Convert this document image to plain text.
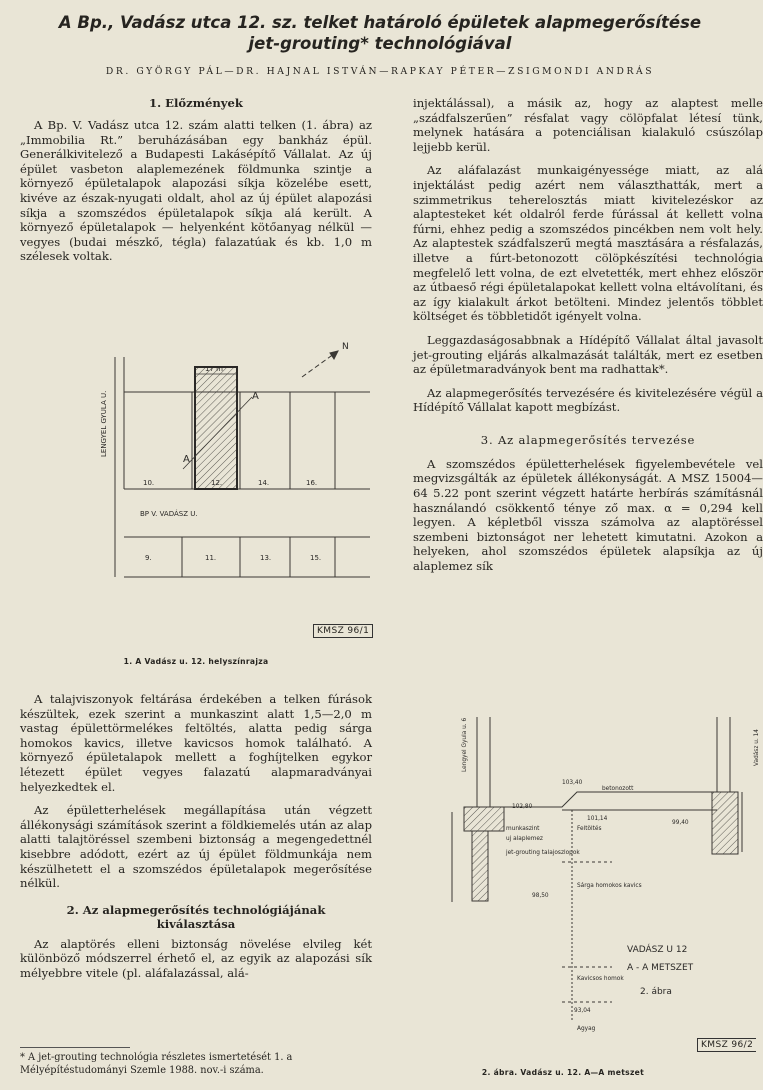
A Bp., Vadász utca 12. sz. telket határoló épületek alapmegerősítése
jet-grouting* technológiával
DR. GYÖRGY PÁL—DR. HAJNAL ISTVÁN—RAPKAY PÉTER—ZSIGMONDI ANDRÁS
1. Előzmények

A Bp. V. Vadász utca 12. szám alatti telken (1. ábra) az „Immobilia Rt.” beruházásában egy bankház épül. Generálkivitelező a Budapesti Lakásépítő Vállalat. Az új épület vasbeton alaplemezének földmunka szintje a környező épületalapok alapozási síkja közelébe esett, kivéve az észak-nyugati oldalt, ahol az új épület alapozási síkja a szomszédos épületalapok síkja alá került. A környező épületalapok — helyenként kötőanyag nélkül — vegyes (budai mészkő, tégla) falazatúak és kb. 1,0 m szélesek voltak.

17 m
A
A
N
LENGYEL GYULA U.
BP V. VADÁSZ U.
10.	12.	14.	16.
9.	11.	13.	15.
KMSZ 96/1
1. A Vadász u. 12. helyszínrajza

A talajviszonyok feltárása érdekében a telken fúrások készültek, ezek szerint a munkaszint alatt 1,5—2,0 m vastag épülettörmelékes feltöltés, alatta pedig sárga homokos kavics, illetve kavicsos homok található. A környező épületalapok mellett a foghíjtelken egykor létezett épület vegyes falazatú alapmaradványai helyezkedtek el.

Az épületterhelések megállapítása után végzett állékonysági számítások szerint a földkiemelés után az alap alatti talajtöréssel szembeni biztonság a megengedettnél kisebbre adódott, ezért az új épület földmunkája nem készülhetett el a szomszédos épületalapok megerősítése nélkül.

2. Az alapmegerősítés technológiájának
kiválasztása

Az alaptörés elleni biztonság növelése elvileg két különböző módszerrel érhető el, az egyik az alapozási sík mélyebbre vitele (pl. aláfalazással, alá-

* A jet-grouting technológia részletes ismertetését 1. a Mélyépítéstudományi Szemle 1988. nov.-i száma.

injektálással), a másik az, hogy az alaptest melle „szádfalszerűen” résfalat vagy cölöpfalat létesí tünk, melynek hatására a potenciálisan kialakuló csúszólap lejjebb kerül.

Az aláfalazást munkaigényessége miatt, az alá injektálást pedig azért nem választhatták, mert a szimmetrikus teherelosztás miatt kivitelezéskor az alaptesteket két oldalról ferde fúrással át kellett volna fúrni, ehhez pedig a szomszédos pincékben nem volt hely. Az alaptestek szádfalszerű megtá masztására a résfalazás, illetve a fúrt-betonozott cölöpkészítési technológia megfelelő lett volna, de ezt elvetették, mert ehhez először az útbaeső régi épületalapokat kellett volna eltávolítani, és az így kialakult árkot betölteni. Mindez jelentős többlet költséget és többletidőt igényelt volna.

Leggazdaságosabbnak a Hídépítő Vállalat által javasolt jet-grouting eljárás alkalmazását találták, mert ez esetben az épületmaradványok bent ma radhattak*.

Az alapmegerősítés tervezésére és kivitelezésére végül a Hídépítő Vállalat kapott megbízást.

3. Az alapmegerősítés tervezése

A szomszédos épületterhelések figyelembevétele vel megvizsgálták az épületek állékonyságát. A MSZ 15004—64 5.22 pont szerint végzett határte herbírás számításnál használandó csökkentő ténye ző max. α = 0,294 kell legyen. A képletből vissza számolva az alaptöréssel szembeni biztonságot ner lehetett kimutatni. Azokon a helyeken, ahol szomszédos épületek alapsíkja az új alaplemez sík

Lengyel Gyula u. 6	Vadász u. 14
munkaszint
uj alaplemez
jet-grouting talajoszlopok
betonozott
Feltöltés
Sárga homokos kavics
Kavicsos homok
Agyag
103,40
102,80
101,14
99,40
98,50
93,04
VADÁSZ U 12
A - A METSZET
2. ábra
KMSZ 96/2
2. ábra. Vadász u. 12. A—A metszet
